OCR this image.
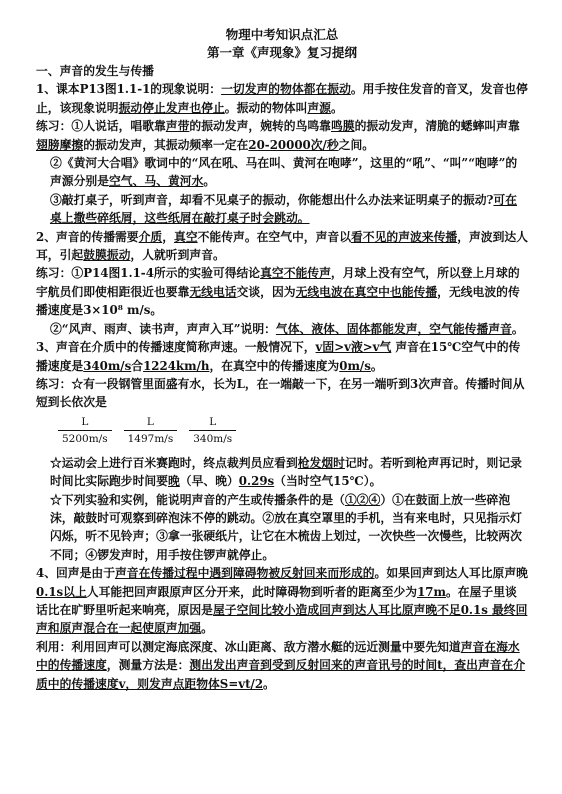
物理中考知识点汇总

第一章《声现象》复习提纲

一、声音的发生与传播

1、课本P13图1.1-1的现象说明：一切发声的物体都在振动。用手按住发音的音叉，发音也停止，该现象说明振动停止发声也停止。振动的物体叫声源。

练习：①人说话，唱歌靠声带的振动发声，婉转的鸟鸣靠鸣膜的振动发声，清脆的蟋蟀叫声靠翅膀摩擦的振动发声，其振动频率一定在20-20000次/秒之间。

②《黄河大合唱》歌词中的“风在吼、马在叫、黄河在咆哮”，这里的“吼”、“叫”“咆哮”的声源分别是空气、马、黄河水。

③敲打桌子，听到声音，却看不见桌子的振动，你能想出什么办法来证明桌子的振动?可在桌上撒些碎纸屑，这些纸屑在敲打桌子时会跳动。

2、声音的传播需要介质，真空不能传声。在空气中，声音以看不见的声波来传播，声波到达人耳，引起鼓膜振动，人就听到声音。

练习：①P14图1.1-4所示的实验可得结论真空不能传声，月球上没有空气，所以登上月球的宇航员们即使相距很近也要靠无线电话交谈，因为无线电波在真空中也能传播，无线电波的传播速度是3×10⁸ m/s。

②“风声、雨声、读书声，声声入耳”说明：气体、液体、固体都能发声，空气能传播声音。

3、声音在介质中的传播速度简称声速。一般情况下，v固>v液>v气 声音在15℃空气中的传播速度是340m/s合1224km/h，在真空中的传播速度为0m/s。

练习：☆有一段钢管里面盛有水，长为L，在一端敲一下，在另一端听到3次声音。传播时间从短到长依次是

$\frac{L}{5200m/s} \frac{L}{1497m/s} \frac{L}{340m/s}$

☆运动会上进行百米赛跑时，终点裁判员应看到枪发烟时记时。若听到枪声再记时，则记录时间比实际跑步时间要晚（早、晚）0.29s（当时空气15℃）。

☆下列实验和实例，能说明声音的产生或传播条件的是（①②④）①在鼓面上放一些碎泡沫，敲鼓时可观察到碎泡沫不停的跳动。②放在真空罩里的手机，当有来电时，只见指示灯闪烁，听不见铃声；③拿一张硬纸片，让它在木梳齿上划过，一次快些一次慢些，比较两次不同；④锣发声时，用手按住锣声就停止。

4、回声是由于声音在传播过程中遇到障碍物被反射回来而形成的。如果回声到达人耳比原声晚0.1s以上人耳能把回声跟原声区分开来，此时障碍物到听者的距离至少为17m。在屋子里谈话比在旷野里听起来响亮，原因是屋子空间比较小造成回声到达人耳比原声晚不足0.1s 最终回声和原声混合在一起使原声加强。

利用：利用回声可以测定海底深度、冰山距离、敌方潜水艇的远近测量中要先知道声音在海水中的传播速度，测量方法是：测出发出声音到受到反射回来的声音讯号的时间t，查出声音在介质中的传播速度v，则发声点距物体S=vt/2。
